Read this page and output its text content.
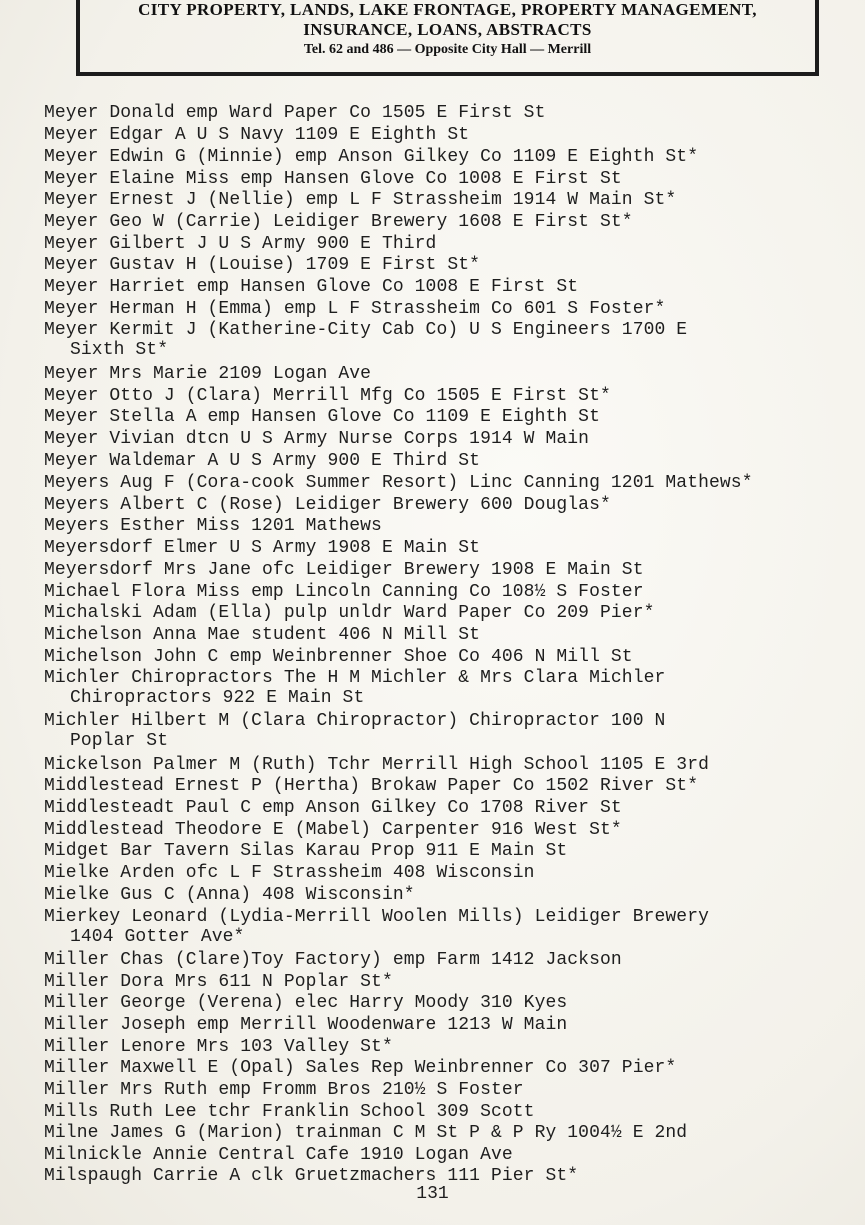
CITY PROPERTY, LANDS, LAKE FRONTAGE, PROPERTY MANAGEMENT,
INSURANCE, LOANS, ABSTRACTS
Tel. 62 and 486 — Opposite City Hall — Merrill
Meyer Donald emp Ward Paper Co 1505 E First St
Meyer Edgar A U S Navy 1109 E Eighth St
Meyer Edwin G (Minnie) emp Anson Gilkey Co 1109 E Eighth St*
Meyer Elaine Miss emp Hansen Glove Co 1008 E First St
Meyer Ernest J (Nellie) emp L F Strassheim 1914 W Main St*
Meyer Geo W (Carrie) Leidiger Brewery 1608 E First St*
Meyer Gilbert J U S Army 900 E Third
Meyer Gustav H (Louise) 1709 E First St*
Meyer Harriet emp Hansen Glove Co 1008 E First St
Meyer Herman H (Emma) emp L F Strassheim Co 601 S Foster*
Meyer Kermit J (Katherine-City Cab Co) U S Engineers 1700 E
Sixth St*
Meyer Mrs Marie 2109 Logan Ave
Meyer Otto J (Clara) Merrill Mfg Co 1505 E First St*
Meyer Stella A emp Hansen Glove Co 1109 E Eighth St
Meyer Vivian dtcn U S Army Nurse Corps 1914 W Main
Meyer Waldemar A U S Army 900 E Third St
Meyers Aug F (Cora-cook Summer Resort) Linc Canning 1201 Mathews*
Meyers Albert C (Rose) Leidiger Brewery 600 Douglas*
Meyers Esther Miss 1201 Mathews
Meyersdorf Elmer U S Army 1908 E Main St
Meyersdorf Mrs Jane ofc Leidiger Brewery 1908 E Main St
Michael Flora Miss emp Lincoln Canning Co 108½ S Foster
Michalski Adam (Ella) pulp unldr Ward Paper Co 209 Pier*
Michelson Anna Mae student 406 N Mill St
Michelson John C emp Weinbrenner Shoe Co 406 N Mill St
Michler Chiropractors The H M Michler & Mrs Clara Michler
Chiropractors 922 E Main St
Michler Hilbert M (Clara Chiropractor) Chiropractor 100 N
Poplar St
Mickelson Palmer M (Ruth) Tchr Merrill High School 1105 E 3rd
Middlestead Ernest P (Hertha) Brokaw Paper Co 1502 River St*
Middlesteadt Paul C emp Anson Gilkey Co 1708 River St
Middlestead Theodore E (Mabel) Carpenter 916 West St*
Midget Bar Tavern Silas Karau Prop 911 E Main St
Mielke Arden ofc L F Strassheim 408 Wisconsin
Mielke Gus C (Anna) 408 Wisconsin*
Mierkey Leonard (Lydia-Merrill Woolen Mills) Leidiger Brewery
1404 Gotter Ave*
Miller Chas (Clare)Toy Factory) emp Farm 1412 Jackson
Miller Dora Mrs 611 N Poplar St*
Miller George (Verena) elec Harry Moody 310 Kyes
Miller Joseph emp Merrill Woodenware 1213 W Main
Miller Lenore Mrs 103 Valley St*
Miller Maxwell E (Opal) Sales Rep Weinbrenner Co 307 Pier*
Miller Mrs Ruth emp Fromm Bros 210½ S Foster
Mills Ruth Lee tchr Franklin School 309 Scott
Milne James G (Marion) trainman C M St P & P Ry 1004½ E 2nd
Milnickle Annie Central Cafe 1910 Logan Ave
Milspaugh Carrie A clk Gruetzmachers 111 Pier St*
131
